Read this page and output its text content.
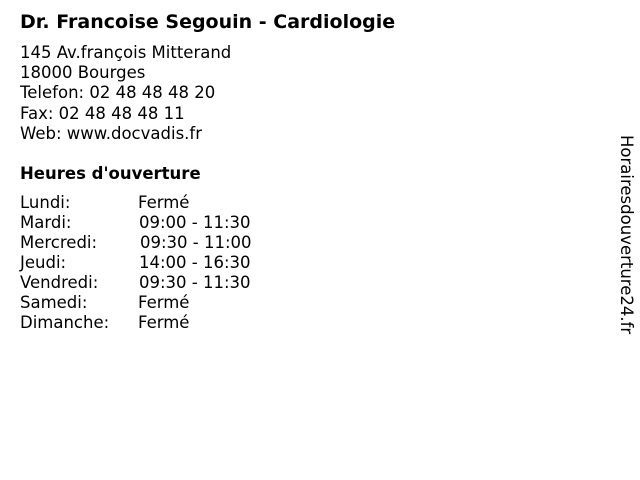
Dr. Francoise Segouin - Cardiologie
145 Av.françois Mitterand
18000 Bourges
Telefon: 02 48 48 48 20
Fax: 02 48 48 48 11
Web: www.docvadis.fr
Heures d'ouverture
Lundi:	Fermé
Mardi:	09:00 - 11:30
Mercredi:	09:30 - 11:00
Jeudi:	14:00 - 16:30
Vendredi: 09:30 - 11:30
Samedi:	Fermé
Dimanche: Fermé	Horairesdouverture24.fr
